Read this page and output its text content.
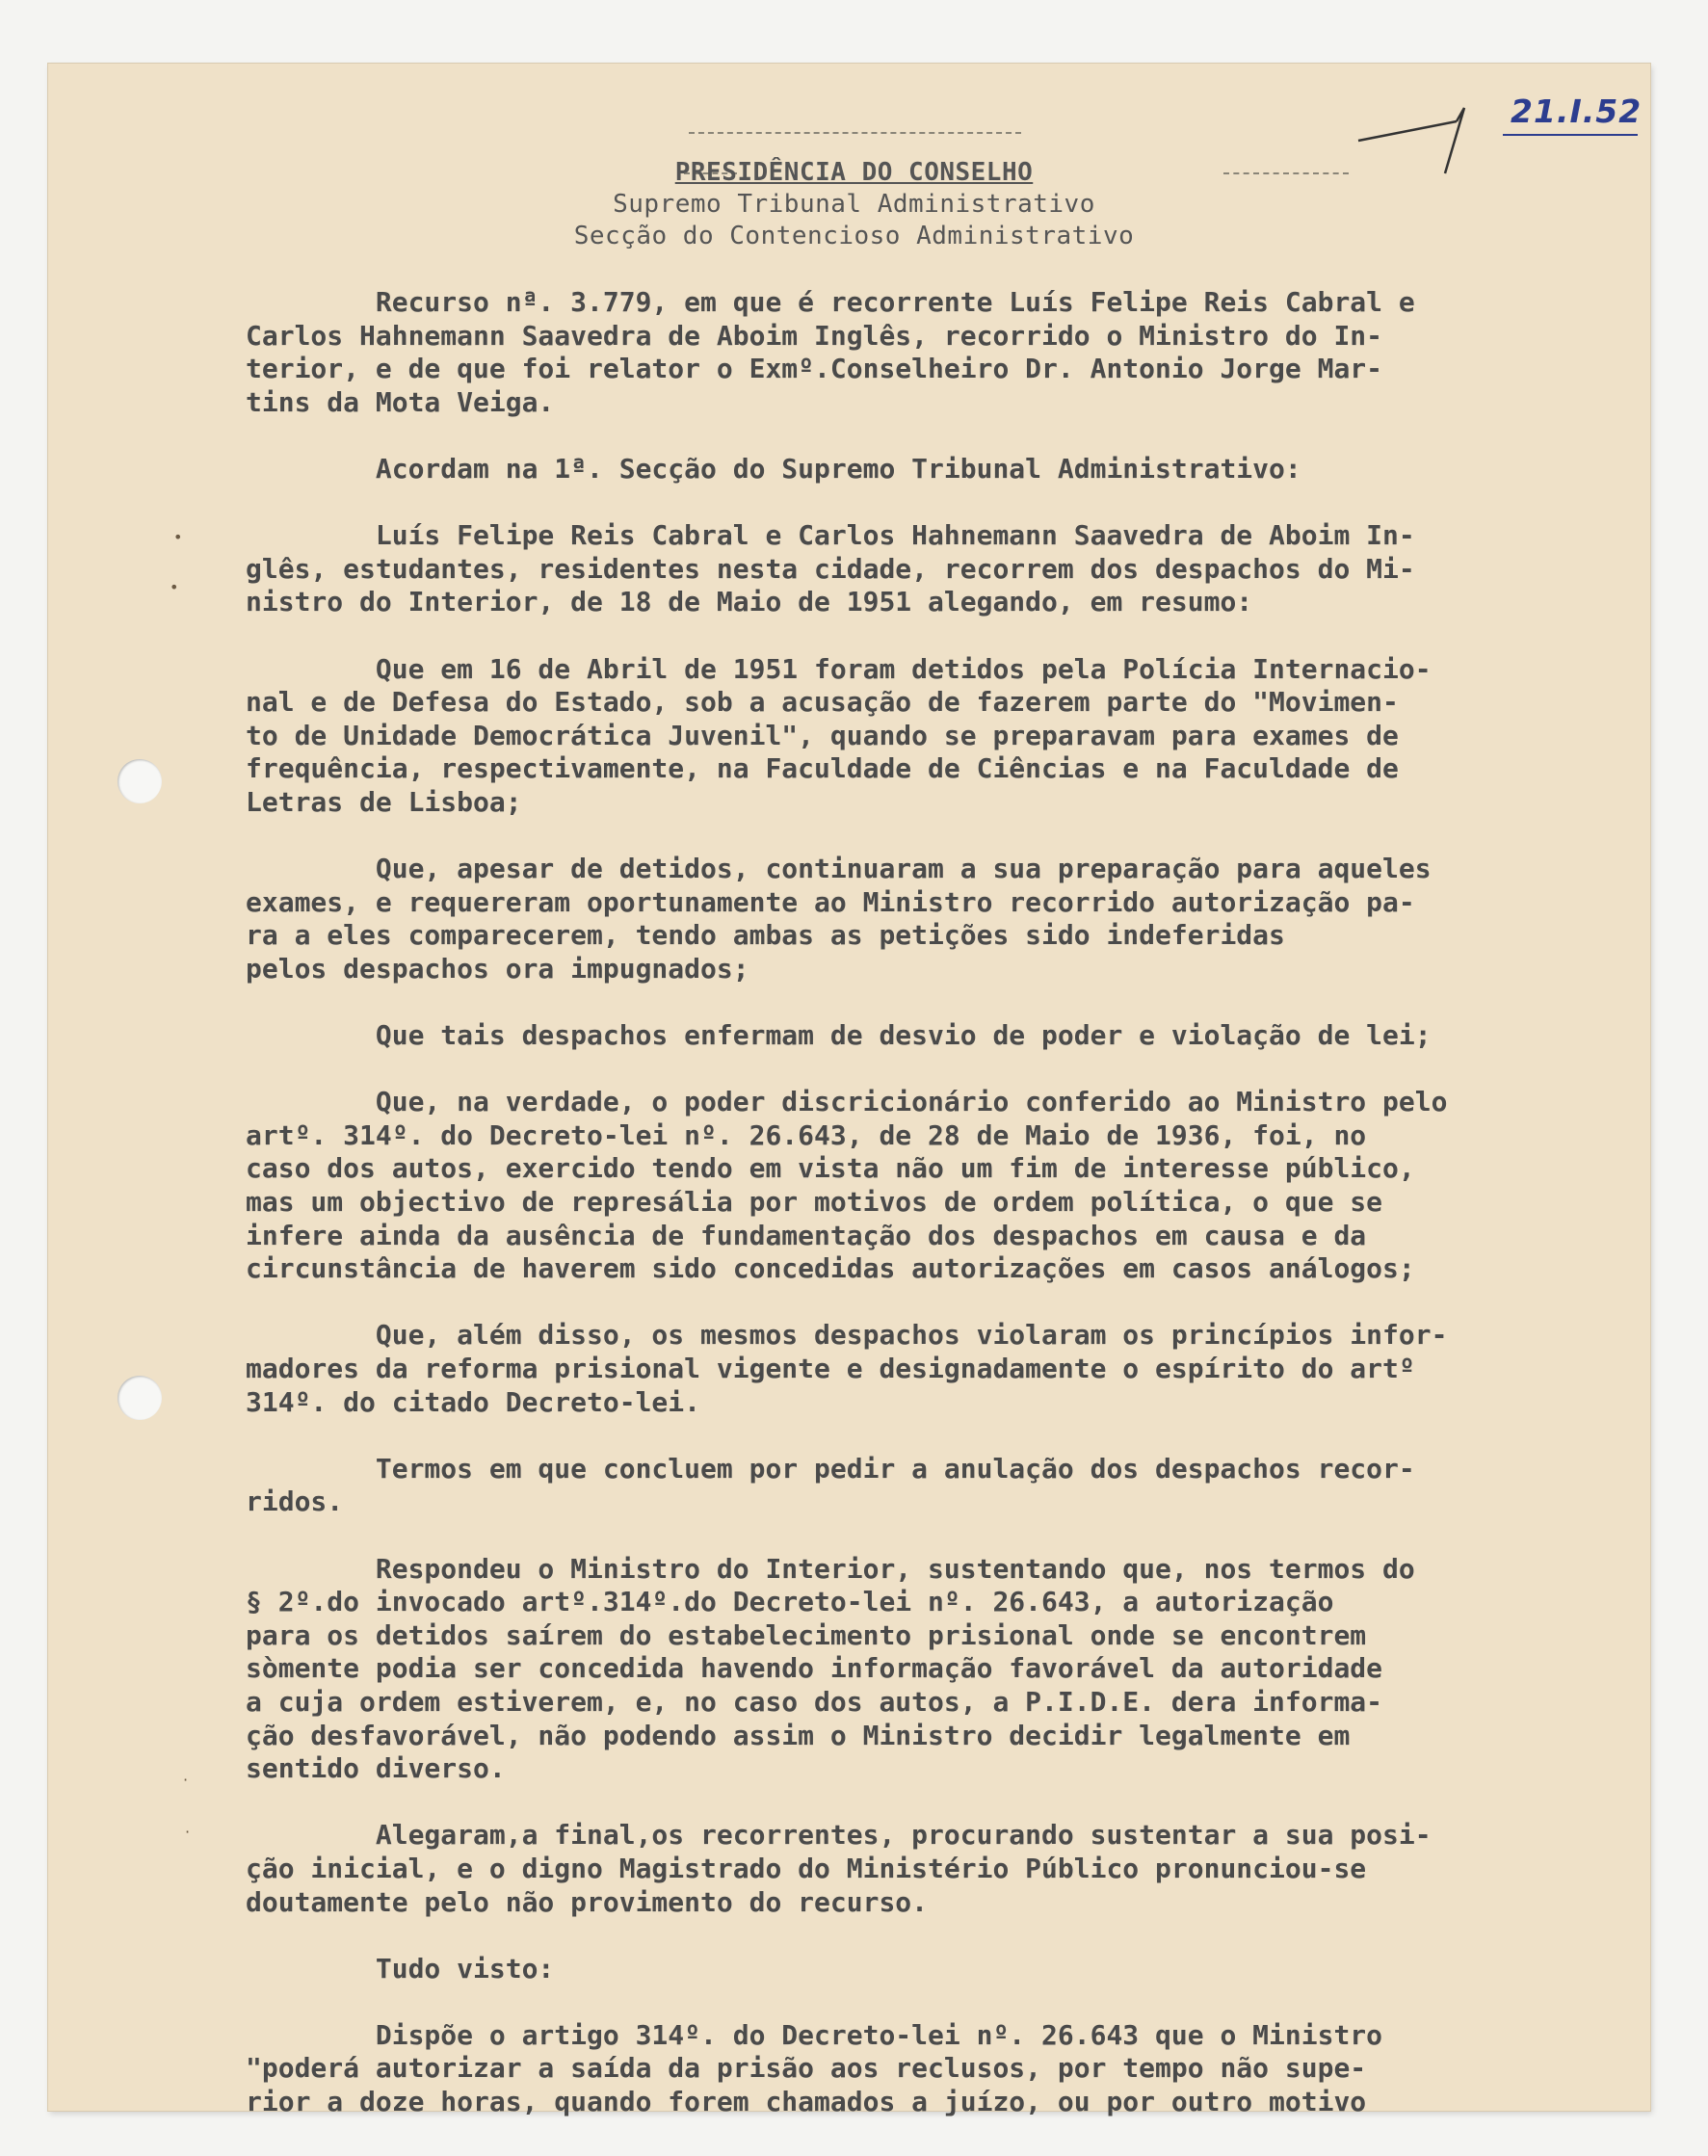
•
•
·
·
21.I.52
PRESIDÊNCIA DO CONSELHO
Supremo Tribunal Administrativo
Secção do Contencioso Administrativo
Recurso nª. 3.779, em que é recorrente Luís Felipe Reis Cabral e
Carlos Hahnemann Saavedra de Aboim Inglês, recorrido o Ministro do In-
terior, e de que foi relator o Exmº.Conselheiro Dr. Antonio Jorge Mar-
tins da Mota Veiga.
Acordam na 1ª. Secção do Supremo Tribunal Administrativo:
Luís Felipe Reis Cabral e Carlos Hahnemann Saavedra de Aboim In-
glês, estudantes, residentes nesta cidade, recorrem dos despachos do Mi-
nistro do Interior, de 18 de Maio de 1951 alegando, em resumo:
Que em 16 de Abril de 1951 foram detidos pela Polícia Internacio-
nal e de Defesa do Estado, sob a acusação de fazerem parte do "Movimen-
to de Unidade Democrática Juvenil", quando se preparavam para exames de
frequência, respectivamente, na Faculdade de Ciências e na Faculdade de
Letras de Lisboa;
Que, apesar de detidos, continuaram a sua preparação para aqueles
exames, e requereram oportunamente ao Ministro recorrido autorização pa-
ra a eles comparecerem, tendo ambas as petições sido indeferidas
pelos despachos ora impugnados;
Que tais despachos enfermam de desvio de poder e violação de lei;
Que, na verdade, o poder discricionário conferido ao Ministro pelo
artº. 314º. do Decreto-lei nº. 26.643, de 28 de Maio de 1936, foi, no
caso dos autos, exercido tendo em vista não um fim de interesse público,
mas um objectivo de represália por motivos de ordem política, o que se
infere ainda da ausência de fundamentação dos despachos em causa e da
circunstância de haverem sido concedidas autorizações em casos análogos;
Que, além disso, os mesmos despachos violaram os princípios infor-
madores da reforma prisional vigente e designadamente o espírito do artº
314º. do citado Decreto-lei.
Termos em que concluem por pedir a anulação dos despachos recor-
ridos.
Respondeu o Ministro do Interior, sustentando que, nos termos do
§ 2º.do invocado artº.314º.do Decreto-lei nº. 26.643, a autorização
para os detidos saírem do estabelecimento prisional onde se encontrem
sòmente podia ser concedida havendo informação favorável da autoridade
a cuja ordem estiverem, e, no caso dos autos, a P.I.D.E. dera informa-
ção desfavorável, não podendo assim o Ministro decidir legalmente em
sentido diverso.
Alegaram,a final,os recorrentes, procurando sustentar a sua posi-
ção inicial, e o digno Magistrado do Ministério Público pronunciou-se
doutamente pelo não provimento do recurso.
Tudo visto:
Dispõe o artigo 314º. do Decreto-lei nº. 26.643 que o Ministro
"poderá autorizar a saída da prisão aos reclusos, por tempo não supe-
rior a doze horas, quando forem chamados a juízo, ou por outro motivo
